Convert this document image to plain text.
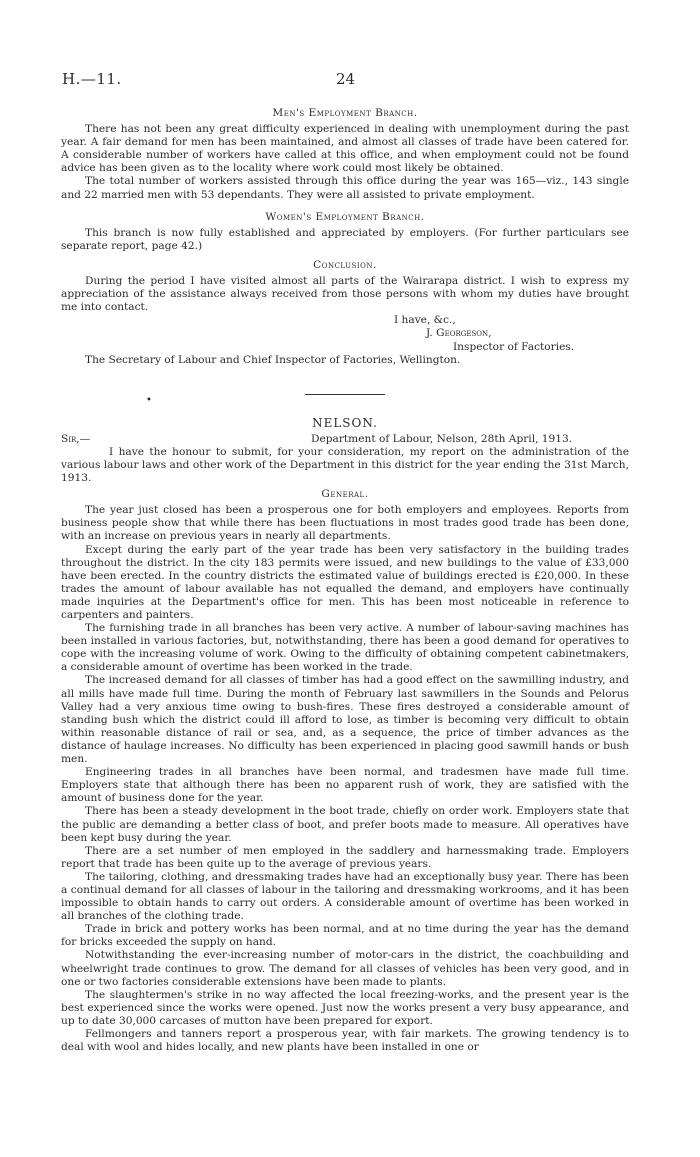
H.—11.	24
•
Men's Employment Branch.

There has not been any great difficulty experienced in dealing with unemployment during the past year. A fair demand for men has been maintained, and almost all classes of trade have been catered for. A considerable number of workers have called at this office, and when employment could not be found advice has been given as to the locality where work could most likely be obtained.

The total number of workers assisted through this office during the year was 165—viz., 143 single and 22 married men with 53 dependants. They were all assisted to private employment.

Women's Employment Branch.

This branch is now fully established and appreciated by employers. (For further particulars see separate report, page 42.)

Conclusion.

During the period I have visited almost all parts of the Wairarapa district. I wish to express my appreciation of the assistance always received from those persons with whom my duties have brought me into contact.

I have, &c.,
J. Georgeson,
Inspector of Factories.

The Secretary of Labour and Chief Inspector of Factories, Wellington.

NELSON.
Sir,—	Department of Labour, Nelson, 28th April, 1913.

I have the honour to submit, for your consideration, my report on the administration of the various labour laws and other work of the Department in this district for the year ending the 31st March, 1913.

General.

The year just closed has been a prosperous one for both employers and employees. Reports from business people show that while there has been fluctuations in most trades good trade has been done, with an increase on previous years in nearly all departments.

Except during the early part of the year trade has been very satisfactory in the building trades throughout the district. In the city 183 permits were issued, and new buildings to the value of £33,000 have been erected. In the country districts the estimated value of buildings erected is £20,000. In these trades the amount of labour available has not equalled the demand, and employers have continually made inquiries at the Department's office for men. This has been most noticeable in reference to carpenters and painters.

The furnishing trade in all branches has been very active. A number of labour-saving machines has been installed in various factories, but, notwithstanding, there has been a good demand for operatives to cope with the increasing volume of work. Owing to the difficulty of obtaining competent cabinetmakers, a considerable amount of overtime has been worked in the trade.

The increased demand for all classes of timber has had a good effect on the sawmilling industry, and all mills have made full time. During the month of February last sawmillers in the Sounds and Pelorus Valley had a very anxious time owing to bush-fires. These fires destroyed a considerable amount of standing bush which the district could ill afford to lose, as timber is becoming very difficult to obtain within reasonable distance of rail or sea, and, as a sequence, the price of timber advances as the distance of haulage increases. No difficulty has been experienced in placing good sawmill hands or bush men.

Engineering trades in all branches have been normal, and tradesmen have made full time. Employers state that although there has been no apparent rush of work, they are satisfied with the amount of business done for the year.

There has been a steady development in the boot trade, chiefly on order work. Employers state that the public are demanding a better class of boot, and prefer boots made to measure. All operatives have been kept busy during the year.

There are a set number of men employed in the saddlery and harnessmaking trade. Employers report that trade has been quite up to the average of previous years.

The tailoring, clothing, and dressmaking trades have had an exceptionally busy year. There has been a continual demand for all classes of labour in the tailoring and dressmaking workrooms, and it has been impossible to obtain hands to carry out orders. A considerable amount of overtime has been worked in all branches of the clothing trade.

Trade in brick and pottery works has been normal, and at no time during the year has the demand for bricks exceeded the supply on hand.

Notwithstanding the ever-increasing number of motor-cars in the district, the coachbuilding and wheelwright trade continues to grow. The demand for all classes of vehicles has been very good, and in one or two factories considerable extensions have been made to plants.

The slaughtermen's strike in no way affected the local freezing-works, and the present year is the best experienced since the works were opened. Just now the works present a very busy appearance, and up to date 30,000 carcases of mutton have been prepared for export.

Fellmongers and tanners report a prosperous year, with fair markets. The growing tendency is to deal with wool and hides locally, and new plants have been installed in one or
